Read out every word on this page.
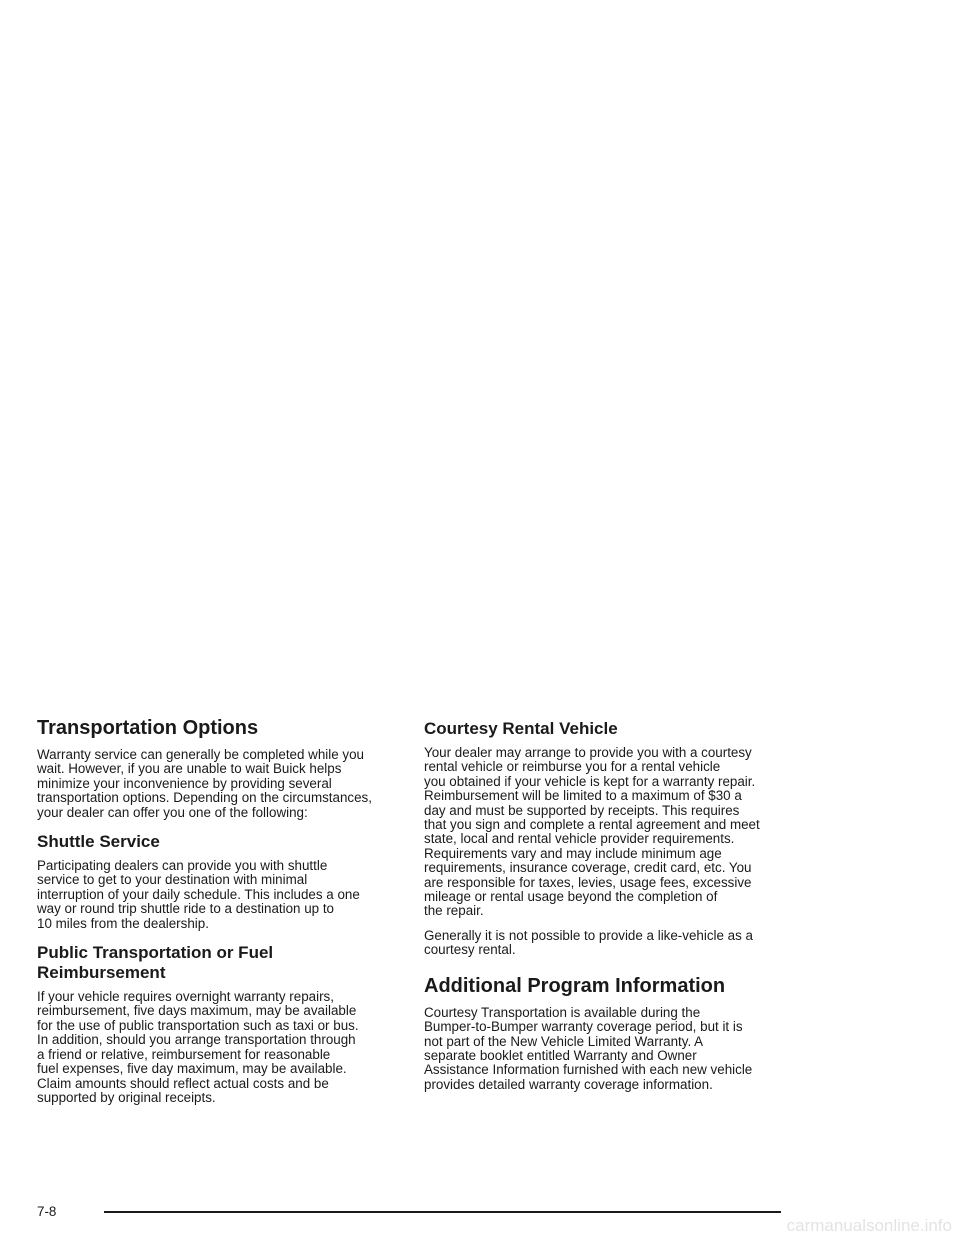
Transportation Options

Warranty service can generally be completed while you
wait. However, if you are unable to wait Buick helps
minimize your inconvenience by providing several
transportation options. Depending on the circumstances,
your dealer can offer you one of the following:

Shuttle Service

Participating dealers can provide you with shuttle
service to get to your destination with minimal
interruption of your daily schedule. This includes a one
way or round trip shuttle ride to a destination up to
10 miles from the dealership.

Public Transportation or Fuel
Reimbursement

If your vehicle requires overnight warranty repairs,
reimbursement, five days maximum, may be available
for the use of public transportation such as taxi or bus.
In addition, should you arrange transportation through
a friend or relative, reimbursement for reasonable
fuel expenses, five day maximum, may be available.
Claim amounts should reflect actual costs and be
supported by original receipts.

Courtesy Rental Vehicle

Your dealer may arrange to provide you with a courtesy
rental vehicle or reimburse you for a rental vehicle
you obtained if your vehicle is kept for a warranty repair.
Reimbursement will be limited to a maximum of $30 a
day and must be supported by receipts. This requires
that you sign and complete a rental agreement and meet
state, local and rental vehicle provider requirements.
Requirements vary and may include minimum age
requirements, insurance coverage, credit card, etc. You
are responsible for taxes, levies, usage fees, excessive
mileage or rental usage beyond the completion of
the repair.

Generally it is not possible to provide a like-vehicle as a
courtesy rental.

Additional Program Information

Courtesy Transportation is available during the
Bumper-to-Bumper warranty coverage period, but it is
not part of the New Vehicle Limited Warranty. A
separate booklet entitled Warranty and Owner
Assistance Information furnished with each new vehicle
provides detailed warranty coverage information.

7-8
carmanualsonline.info
